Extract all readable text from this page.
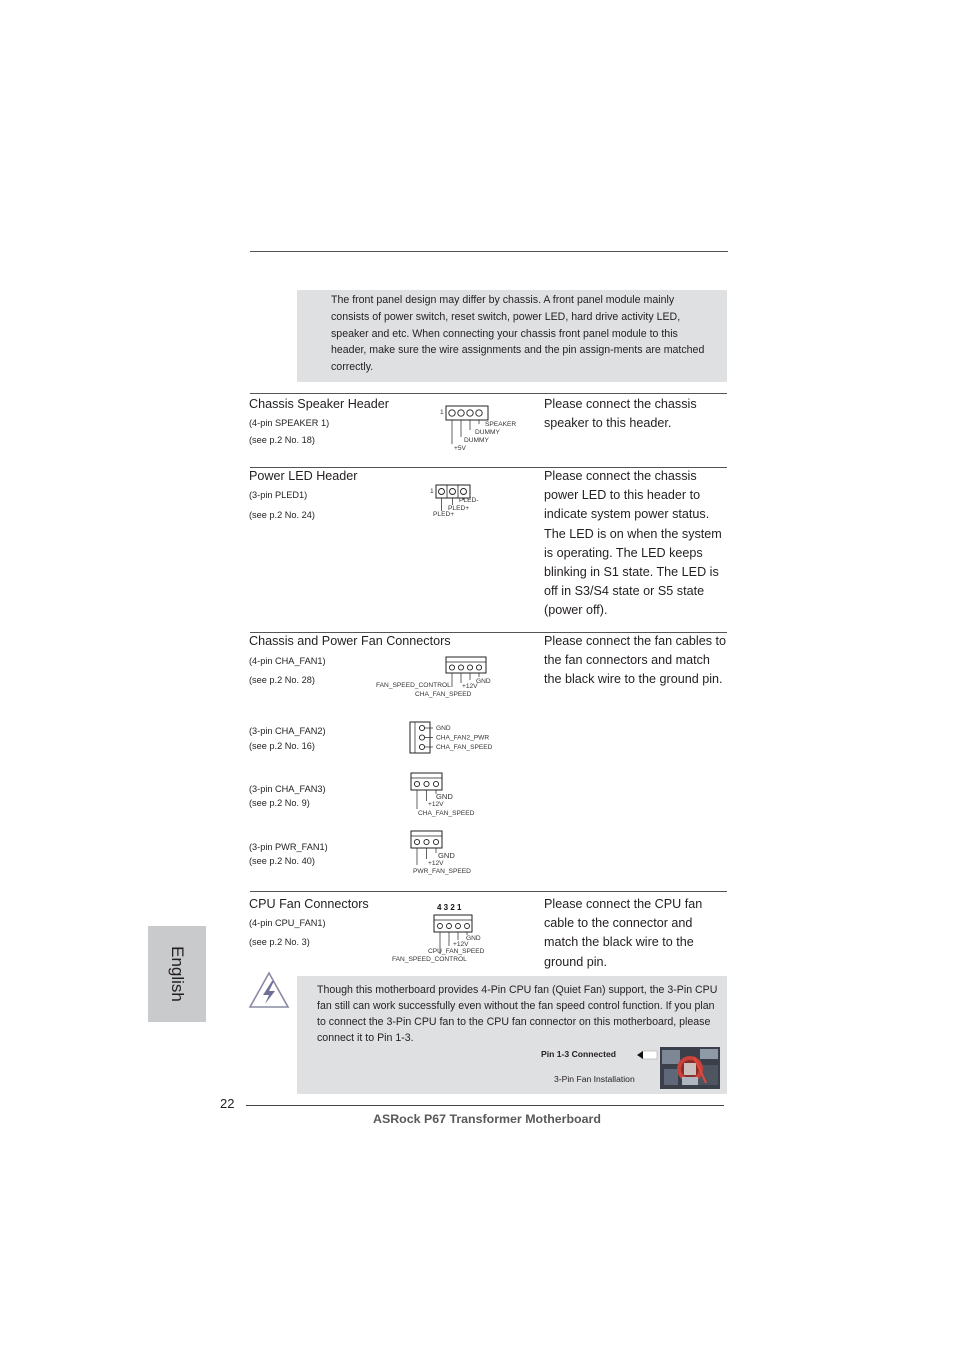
The front panel design may differ by chassis. A front panel module mainly consists of power switch, reset switch, power LED, hard drive activity LED, speaker and etc. When connecting your chassis front panel module to this header, make sure the wire assignments and the pin assign-ments are matched correctly.
Chassis Speaker Header
(4-pin SPEAKER 1)
(see p.2 No. 18)
Please connect the chassis speaker to this header.
1
SPEAKER
DUMMY
DUMMY
+5V
Power LED Header
(3-pin PLED1)
(see p.2 No. 24)
Please connect the chassis power LED to this header to indicate system power status. The LED is on when the system is operating. The LED keeps blinking in S1 state. The LED is off in S3/S4 state or S5 state (power off).
1
PLED-
PLED+
PLED+
Chassis and Power Fan Connectors	Please connect the fan cables to the fan connectors and match the black wire to the ground pin.
(4-pin CHA_FAN1)
(see p.2 No. 28)	GND
+12V
FAN_SPEED_CONTROL
CHA_FAN_SPEED
(3-pin CHA_FAN2)
(see p.2 No. 16)
GND
CHA_FAN2_PWR
CHA_FAN_SPEED
(3-pin CHA_FAN3)
(see p.2 No. 9)
GND
+12V
CHA_FAN_SPEED
(3-pin PWR_FAN1)
(see p.2 No. 40)
GND
+12V
PWR_FAN_SPEED
CPU Fan Connectors
(4-pin CPU_FAN1)
(see p.2 No. 3)
Please connect the CPU fan cable to the connector and match the black wire to the ground pin.
4 3 2 1
GND
+12V
CPU_FAN_SPEED
FAN_SPEED_CONTROL
Though this motherboard provides 4-Pin CPU fan (Quiet Fan) support, the 3-Pin CPU fan still can work successfully even without the fan speed control function. If you plan to connect the 3-Pin CPU fan to the CPU fan connector on this motherboard, please connect it to Pin 1-3.
Pin 1-3 Connected
3-Pin Fan Installation
English
22
ASRock P67 Transformer Motherboard
